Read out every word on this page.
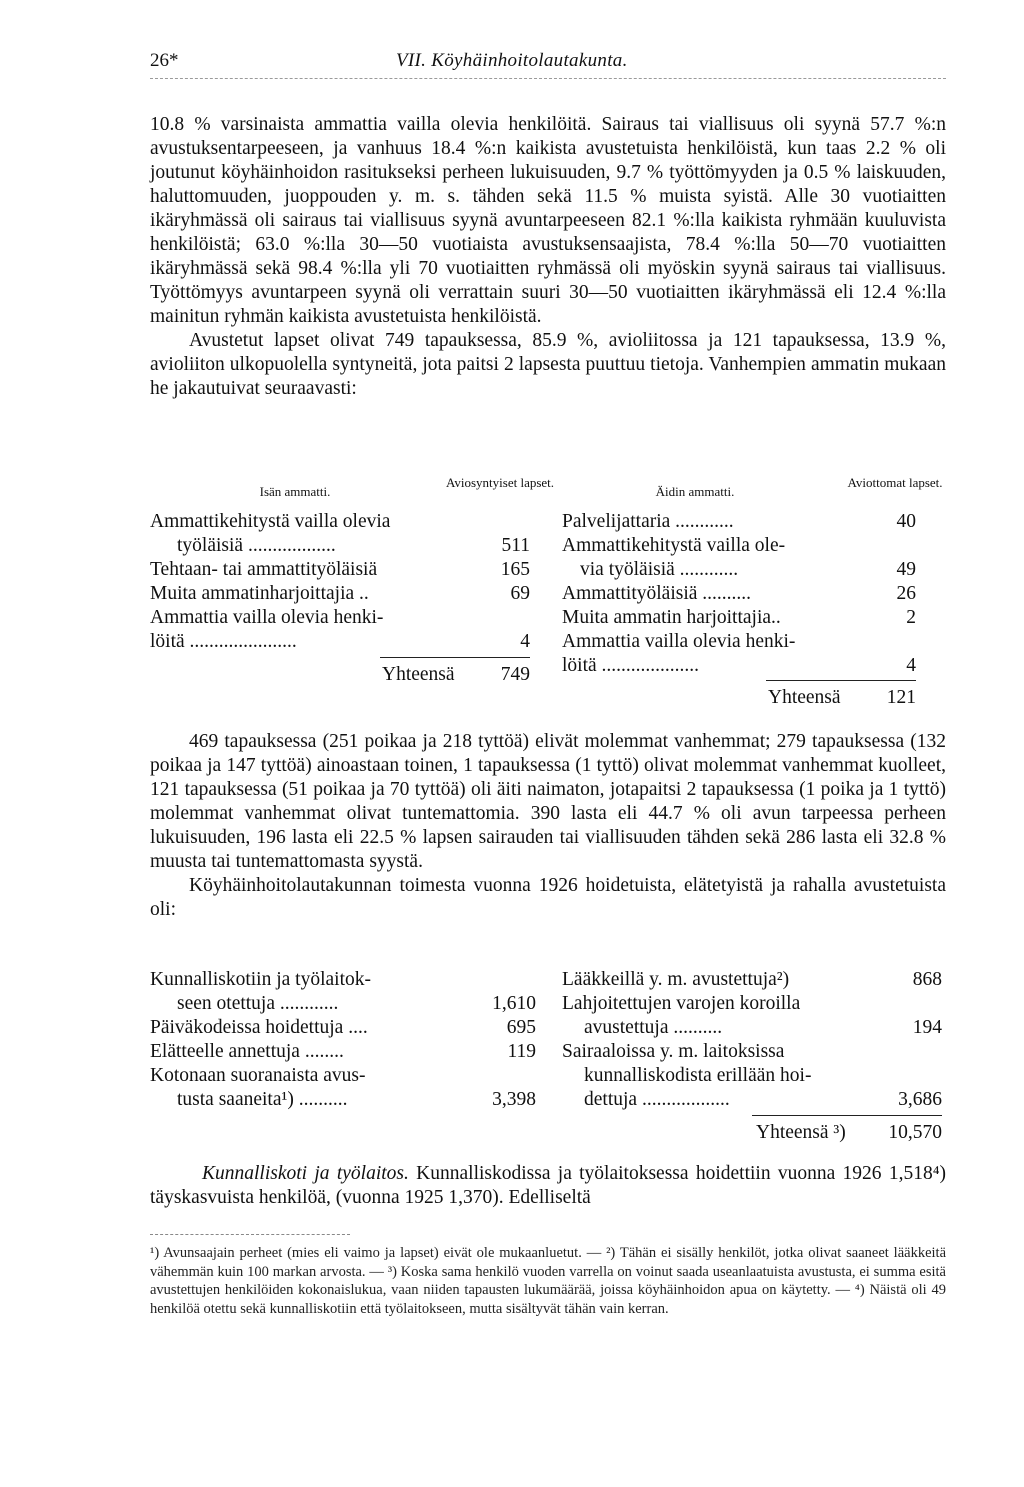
26*	VII. Köyhäinhoitolautakunta.
10.8 % varsinaista ammattia vailla olevia henkilöitä. Sairaus tai viallisuus oli syynä 57.7 %:n avustuksentarpeeseen, ja vanhuus 18.4 %:n kaikista avustetuista henkilöistä, kun taas 2.2 % oli joutunut köyhäinhoidon rasitukseksi perheen lukuisuuden, 9.7 % työttömyyden ja 0.5 % laiskuuden, haluttomuuden, juoppouden y. m. s. tähden sekä 11.5 % muista syistä. Alle 30 vuotiaitten ikäryhmässä oli sairaus tai viallisuus syynä avuntarpeeseen 82.1 %:lla kaikista ryhmään kuuluvista henkilöistä; 63.0 %:lla 30—50 vuotiaista avustuksensaajista, 78.4 %:lla 50—70 vuotiaitten ikäryhmässä sekä 98.4 %:lla yli 70 vuotiaitten ryhmässä oli myöskin syynä sairaus tai viallisuus. Työttömyys avuntarpeen syynä oli verrattain suuri 30—50 vuotiaitten ikäryhmässä eli 12.4 %:lla mainitun ryhmän kaikista avustetuista henkilöistä.
  Avustetut lapset olivat 749 tapauksessa, 85.9 %, avioliitossa ja 121 tapauksessa, 13.9 %, avioliiton ulkopuolella syntyneitä, jota paitsi 2 lapsesta puuttuu tietoja. Vanhempien ammatin mukaan he jakautuivat seuraavasti:
Isän ammatti.
Aviosyntyiset lapset.
Äidin ammatti.
Aviottomat lapset.
Ammattikehitystä vailla olevia
työläisiä ..................	511
Tehtaan- tai ammattityöläisiä	165
Muita ammatinharjoittajia ..	69
Ammattia vailla olevia henki-
löitä ......................	4
Yhteensä 749
Palvelijattaria ............	40
Ammattikehitystä vailla ole-
via työläisiä ............	49
Ammattityöläisiä ..........	26
Muita ammatin harjoittajia..	2
Ammattia vailla olevia henki-
löitä ....................	4
Yhteensä 121
  469 tapauksessa (251 poikaa ja 218 tyttöä) elivät molemmat vanhemmat; 279 tapauksessa (132 poikaa ja 147 tyttöä) ainoastaan toinen, 1 tapauksessa (1 tyttö) olivat molemmat vanhemmat kuolleet, 121 tapauksessa (51 poikaa ja 70 tyttöä) oli äiti naimaton, jotapaitsi 2 tapauksessa (1 poika ja 1 tyttö) molemmat vanhemmat olivat tuntemattomia. 390 lasta eli 44.7 % oli avun tarpeessa perheen lukuisuuden, 196 lasta eli 22.5 % lapsen sairauden tai viallisuuden tähden sekä 286 lasta eli 32.8 % muusta tai tuntemattomasta syystä.
  Köyhäinhoitolautakunnan toimesta vuonna 1926 hoidetuista, elätetyistä ja rahalla avustetuista oli:
Kunnalliskotiin ja työlaitok-
seen otettuja ............	1,610
Päiväkodeissa hoidettuja ....	695
Elätteelle annettuja ........	119
Kotonaan suoranaista avus-
tusta saaneita¹) ..........	3,398
Lääkkeillä y. m. avustettuja²)	868
Lahjoitettujen varojen koroilla
avustettuja ..........	194
Sairaaloissa y. m. laitoksissa
kunnalliskodista erillään hoi-
dettuja ..................	3,686
Yhteensä ³) 10,570
Kunnalliskoti ja työlaitos. Kunnalliskodissa ja työlaitoksessa hoidettiin vuonna 1926 1,518⁴) täyskasvuista henkilöä, (vuonna 1925 1,370). Edelliseltä
¹) Avunsaajain perheet (mies eli vaimo ja lapset) eivät ole mukaanluetut. — ²) Tähän ei sisälly henkilöt, jotka olivat saaneet lääkkeitä vähemmän kuin 100 markan arvosta. — ³) Koska sama henkilö vuoden varrella on voinut saada useanlaatuista avustusta, ei summa esitä avustettujen henkilöiden kokonaislukua, vaan niiden tapausten lukumäärää, joissa köyhäinhoidon apua on käytetty. — ⁴) Näistä oli 49 henkilöä otettu sekä kunnalliskotiin että työlaitokseen, mutta sisältyvät tähän vain kerran.
